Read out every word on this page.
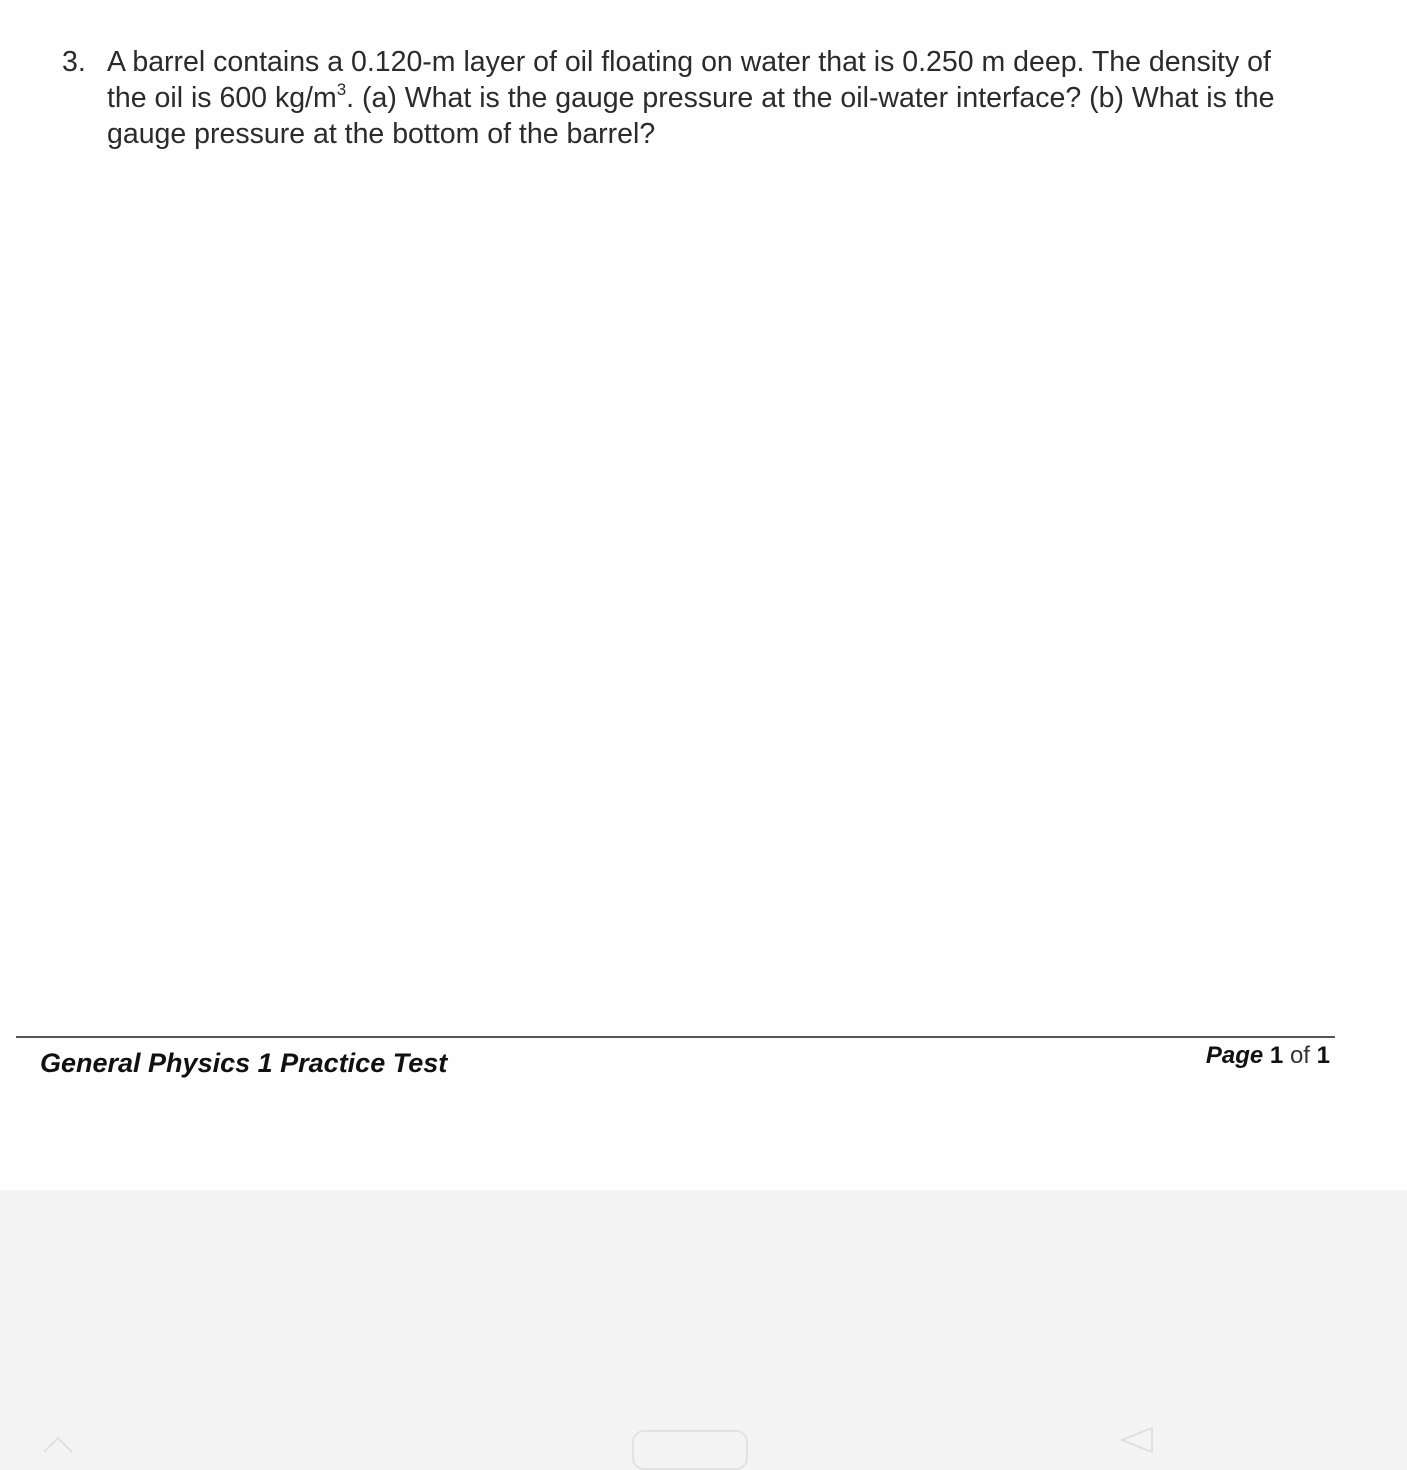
3. A barrel contains a 0.120-m layer of oil floating on water that is 0.250 m deep. The density of the oil is 600 $kg/m^3$. (a) What is the gauge pressure at the oil-water interface? (b) What is the gauge pressure at the bottom of the barrel?
General Physics 1 Practice Test	Page 1 of 1
